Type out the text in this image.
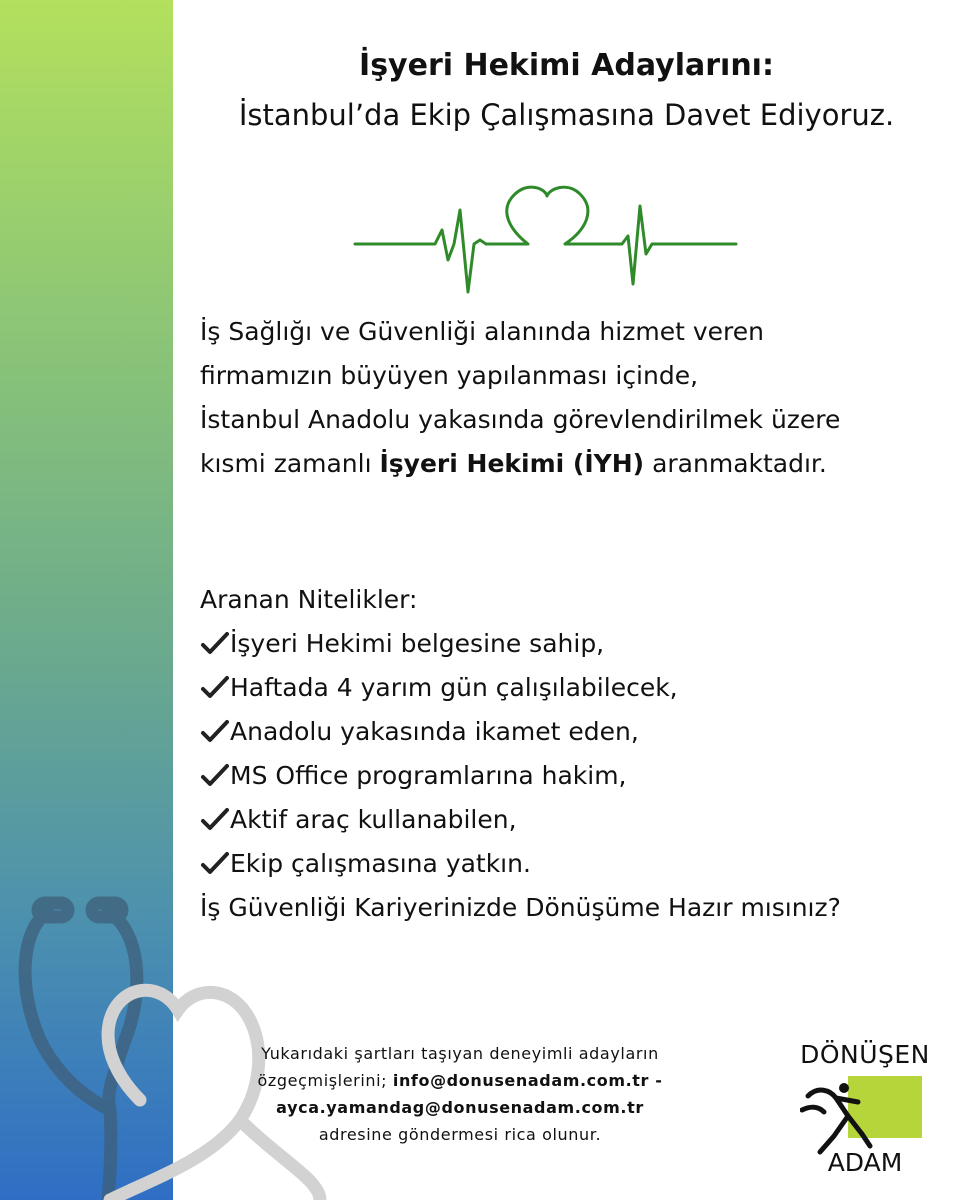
İşyeri Hekimi Adaylarını:
İstanbul’da Ekip Çalışmasına Davet Ediyoruz.
İş Sağlığı ve Güvenliği alanında hizmet veren
firmamızın büyüyen yapılanması içinde,
İstanbul Anadolu yakasında görevlendirilmek üzere
kısmi zamanlı İşyeri Hekimi (İYH) aranmaktadır.
Aranan Nitelikler:
İşyeri Hekimi belgesine sahip,
Haftada 4 yarım gün çalışılabilecek,
Anadolu yakasında ikamet eden,
MS Office programlarına hakim,
Aktif araç kullanabilen,
Ekip çalışmasına yatkın.
İş Güvenliği Kariyerinizde Dönüşüme Hazır mısınız?
Yukarıdaki şartları taşıyan deneyimli adayların
özgeçmişlerini; info@donusenadam.com.tr -
ayca.yamandag@donusenadam.com.tr
adresine göndermesi rica olunur.
DÖNÜŞEN
ADAM
